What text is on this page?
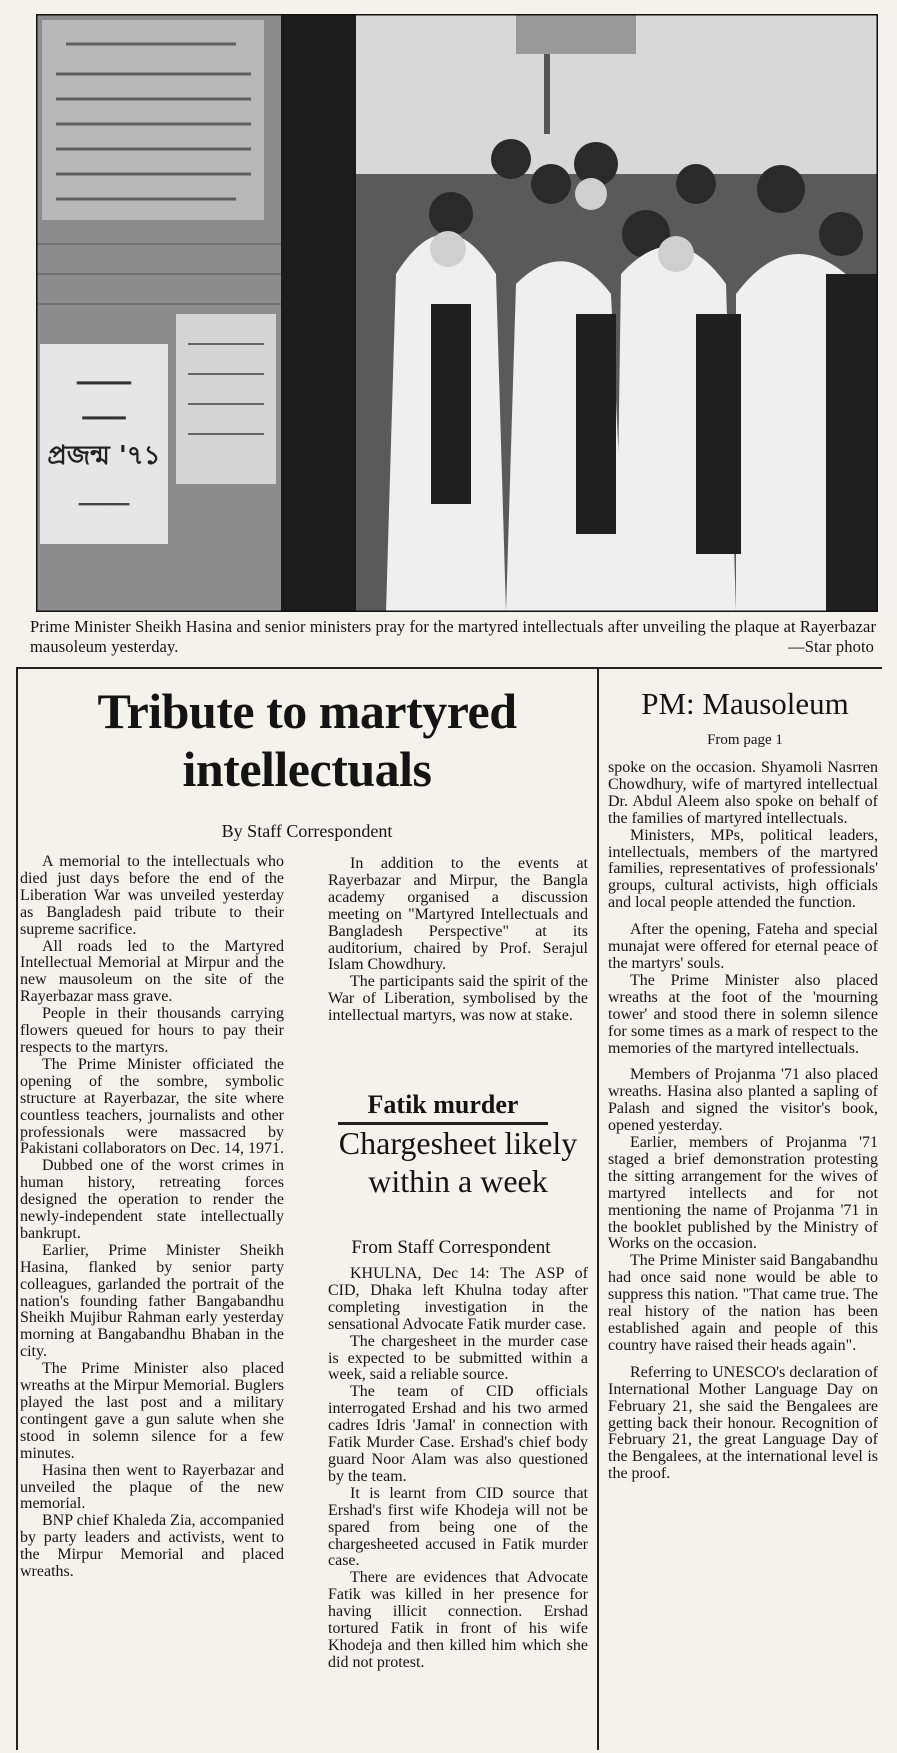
━━━━━
━━━━
প্রজন্ম '৭১
━━━━━━
Prime Minister Sheikh Hasina and senior ministers pray for the martyred intellectuals after unveiling the plaque at Rayerbazar mausoleum yesterday.	—Star photo
Tribute to martyred intellectuals
By Staff Correspondent

A memorial to the intellectuals who died just days before the end of the Liberation War was unveiled yesterday as Bangladesh paid tribute to their supreme sacrifice.

All roads led to the Martyred Intellectual Memorial at Mirpur and the new mausoleum on the site of the Rayerbazar mass grave.

People in their thousands carrying flowers queued for hours to pay their respects to the martyrs.

The Prime Minister officiated the opening of the sombre, symbolic structure at Rayerbazar, the site where countless teachers, journalists and other professionals were massacred by Pakistani collaborators on Dec. 14, 1971.

Dubbed one of the worst crimes in human history, retreating forces designed the operation to render the newly-independent state intellectually bankrupt.

Earlier, Prime Minister Sheikh Hasina, flanked by senior party colleagues, garlanded the portrait of the nation's founding father Bangabandhu Sheikh Mujibur Rahman early yesterday morning at Bangabandhu Bhaban in the city.

The Prime Minister also placed wreaths at the Mirpur Memorial. Buglers played the last post and a military contingent gave a gun salute when she stood in solemn silence for a few minutes.

Hasina then went to Rayerbazar and unveiled the plaque of the new memorial.

BNP chief Khaleda Zia, accompanied by party leaders and activists, went to the Mirpur Memorial and placed wreaths.

In addition to the events at Rayerbazar and Mirpur, the Bangla academy organised a discussion meeting on "Martyred Intellectuals and Bangladesh Perspective" at its auditorium, chaired by Prof. Serajul Islam Chowdhury.

The participants said the spirit of the War of Liberation, symbolised by the intellectual martyrs, was now at stake.

Fatik murder
Chargesheet likely within a week
From Staff Correspondent

KHULNA, Dec 14: The ASP of CID, Dhaka left Khulna today after completing investigation in the sensational Advocate Fatik murder case.

The chargesheet in the murder case is expected to be submitted within a week, said a reliable source.

The team of CID officials interrogated Ershad and his two armed cadres Idris 'Jamal' in connection with Fatik Murder Case. Ershad's chief body guard Noor Alam was also questioned by the team.

It is learnt from CID source that Ershad's first wife Khodeja will not be spared from being one of the chargesheeted accused in Fatik murder case.

There are evidences that Advocate Fatik was killed in her presence for having illicit connection. Ershad tortured Fatik in front of his wife Khodeja and then killed him which she did not protest.

PM: Mausoleum
From page 1

spoke on the occasion. Shyamoli Nasrren Chowdhury, wife of martyred intellectual Dr. Abdul Aleem also spoke on behalf of the families of martyred intellectuals.

Ministers, MPs, political leaders, intellectuals, members of the martyred families, representatives of professionals' groups, cultural activists, high officials and local people attended the function.

After the opening, Fateha and special munajat were offered for eternal peace of the martyrs' souls.

The Prime Minister also placed wreaths at the foot of the 'mourning tower' and stood there in solemn silence for some times as a mark of respect to the memories of the martyred intellectuals.

Members of Projanma '71 also placed wreaths. Hasina also planted a sapling of Palash and signed the visitor's book, opened yesterday.

Earlier, members of Projanma '71 staged a brief demonstration protesting the sitting arrangement for the wives of martyred intellects and for not mentioning the name of Projanma '71 in the booklet published by the Ministry of Works on the occasion.

The Prime Minister said Bangabandhu had once said none would be able to suppress this nation. "That came true. The real history of the nation has been established again and people of this country have raised their heads again".

Referring to UNESCO's declaration of International Mother Language Day on February 21, she said the Bengalees are getting back their honour. Recognition of February 21, the great Language Day of the Bengalees, at the international level is the proof.
